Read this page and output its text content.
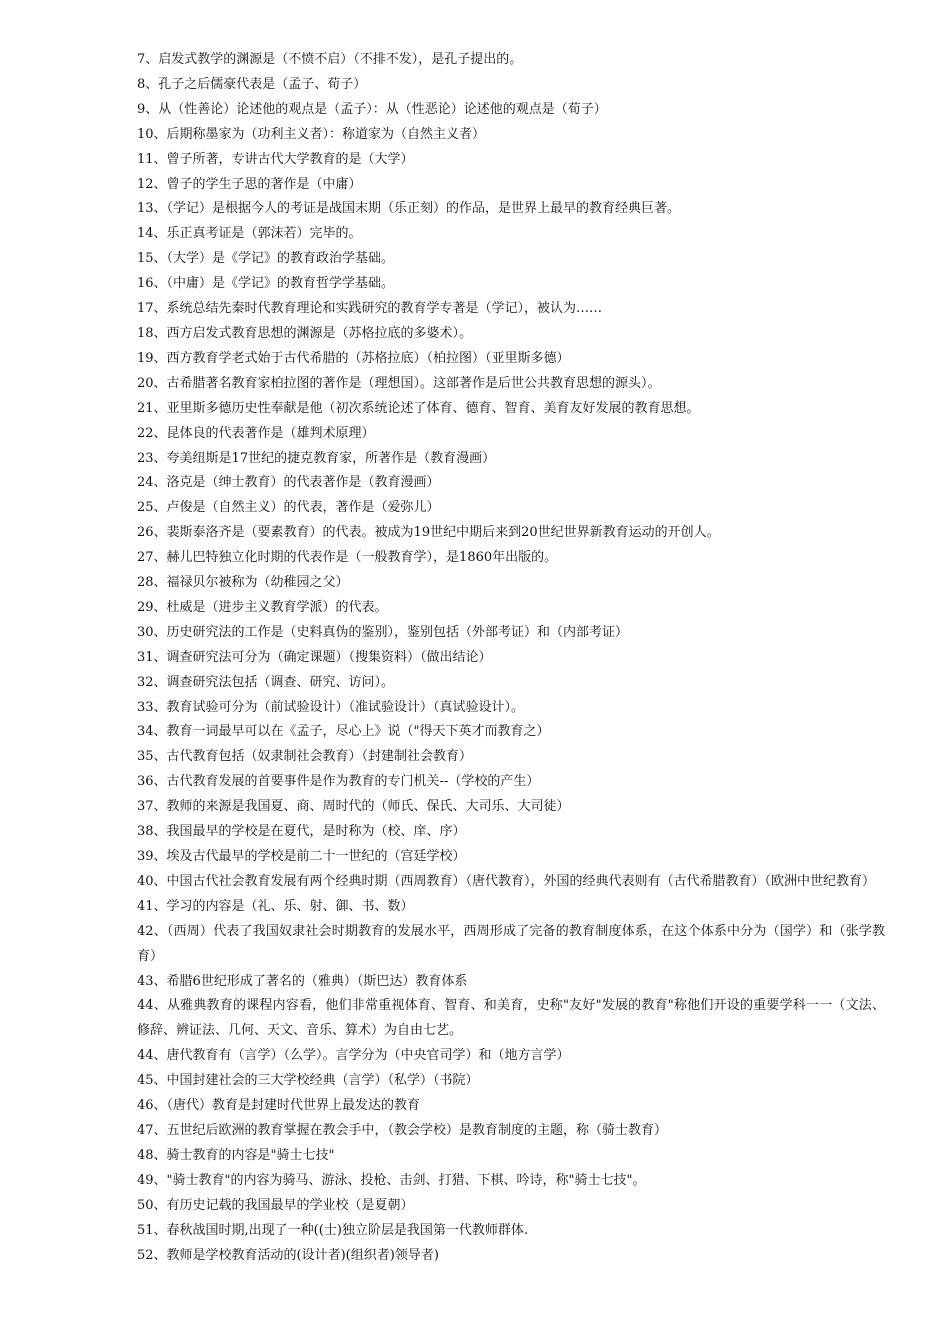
7、启发式教学的渊源是（不愤不启）（不排不发），是孔子提出的。

8、孔子之后儒豪代表是（孟子、荀子）

9、从（性善论）论述他的观点是（孟子）：从（性恶论）论述他的观点是（荀子）

10、后期称墨家为（功利主义者）：称道家为（自然主义者）

11、曾子所著，专讲古代大学教育的是（大学）

12、曾子的学生子思的著作是（中庸）

13、（学记）是根据今人的考证是战国末期（乐正刻）的作品，是世界上最早的教育经典巨著。

14、乐正真考证是（郭沫若）完毕的。

15、（大学）是《学记》的教育政治学基础。

16、（中庸）是《学记》的教育哲学学基础。

17、系统总结先秦时代教育理论和实践研究的教育学专著是（学记），被认为……

18、西方启发式教育思想的渊源是（苏格拉底的多婆术）。

19、西方教育学老式始于古代希腊的（苏格拉底）（柏拉图）（亚里斯多德）

20、古希腊著名教育家柏拉图的著作是（理想国）。这部著作是后世公共教育思想的源头）。

21、亚里斯多德历史性奉献是他（初次系统论述了体育、德育、智育、美育友好发展的教育思想。

22、昆体良的代表著作是（雄判术原理）

23、夸美纽斯是17世纪的捷克教育家，所著作是（教育漫画）

24、洛克是（绅士教育）的代表著作是（教育漫画）

25、卢俊是（自然主义）的代表，著作是（爱弥儿）

26、裴斯泰洛齐是（要素教育）的代表。被成为19世纪中期后来到20世纪世界新教育运动的开创人。

27、赫儿巴特独立化时期的代表作是（一般教育学），是1860年出版的。

28、福禄贝尔被称为（幼稚园之父）

29、杜威是（进步主义教育学派）的代表。

30、历史研究法的工作是（史料真伪的鉴别），鉴别包括（外部考证）和（内部考证）

31、调查研究法可分为（确定课题）（搜集资料）（做出结论）

32、调查研究法包括（调查、研究、访问）。

33、教育试验可分为（前试验设计）（准试验设计）（真试验设计）。

34、教育一词最早可以在《孟子，尽心上》说（"得天下英才而教育之）

35、古代教育包括（奴隶制社会教育）（封建制社会教育）

36、古代教育发展的首要事件是作为教育的专门机关--（学校的产生）

37、教师的来源是我国夏、商、周时代的（师氏、保氏、大司乐、大司徒）

38、我国最早的学校是在夏代，是时称为（校、庠、序）

39、埃及古代最早的学校是前二十一世纪的（宫廷学校）

40、中国古代社会教育发展有两个经典时期（西周教育）（唐代教育），外国的经典代表则有（古代希腊教育）（欧洲中世纪教育）

41、学习的内容是（礼、乐、射、御、书、数）

42、（西周）代表了我国奴隶社会时期教育的发展水平，西周形成了完备的教育制度体系，在这个体系中分为（国学）和（张学教育）

43、希腊6世纪形成了著名的（雅典）（斯巴达）教育体系

44、从雅典教育的课程内容看，他们非常重视体育、智育、和美育，史称"友好"发展的教育"称他们开设的重要学科一一（文法、修辞、辨证法、几何、天文、音乐、算术）为自由七艺。

44、唐代教育有（言学）（么学）。言学分为（中央官司学）和（地方言学）

45、中国封建社会的三大学校经典（言学）（私学）（书院）

46、（唐代）教育是封建时代世界上最发达的教育

47、五世纪后欧洲的教育掌握在教会手中，（教会学校）是教育制度的主题，称（骑士教育）

48、骑士教育的内容是"骑士七技"

49、"骑士教育"的内容为骑马、游泳、投枪、击剑、打猎、下棋、吟诗，称"骑士七技"。

50、有历史记载的我国最早的学业校（是夏朝）

51、春秋战国时期,出现了一种((士)独立阶层是我国第一代教师群体.

52、教师是学校教育活动的(设计者)(组织者)领导者)
